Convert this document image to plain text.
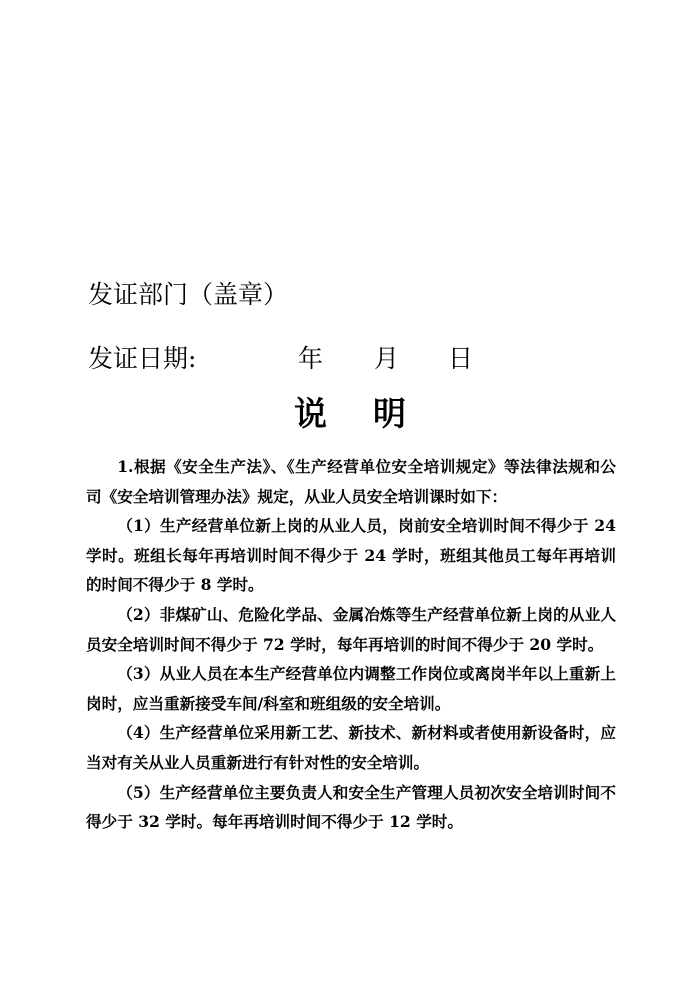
发证部门（盖章）
发证日期:	年 月 日
说明

1.根据《安全生产法》、《生产经营单位安全培训规定》等法律法规和公司《安全培训管理办法》规定，从业人员安全培训课时如下：

（1）生产经营单位新上岗的从业人员，岗前安全培训时间不得少于 24 学时。班组长每年再培训时间不得少于 24 学时，班组其他员工每年再培训的时间不得少于 8 学时。

（2）非煤矿山、危险化学品、金属冶炼等生产经营单位新上岗的从业人员安全培训时间不得少于 72 学时，每年再培训的时间不得少于 20 学时。

（3）从业人员在本生产经营单位内调整工作岗位或离岗半年以上重新上岗时，应当重新接受车间/科室和班组级的安全培训。

（4）生产经营单位采用新工艺、新技术、新材料或者使用新设备时，应当对有关从业人员重新进行有针对性的安全培训。

（5）生产经营单位主要负责人和安全生产管理人员初次安全培训时间不得少于 32 学时。每年再培训时间不得少于 12 学时。
